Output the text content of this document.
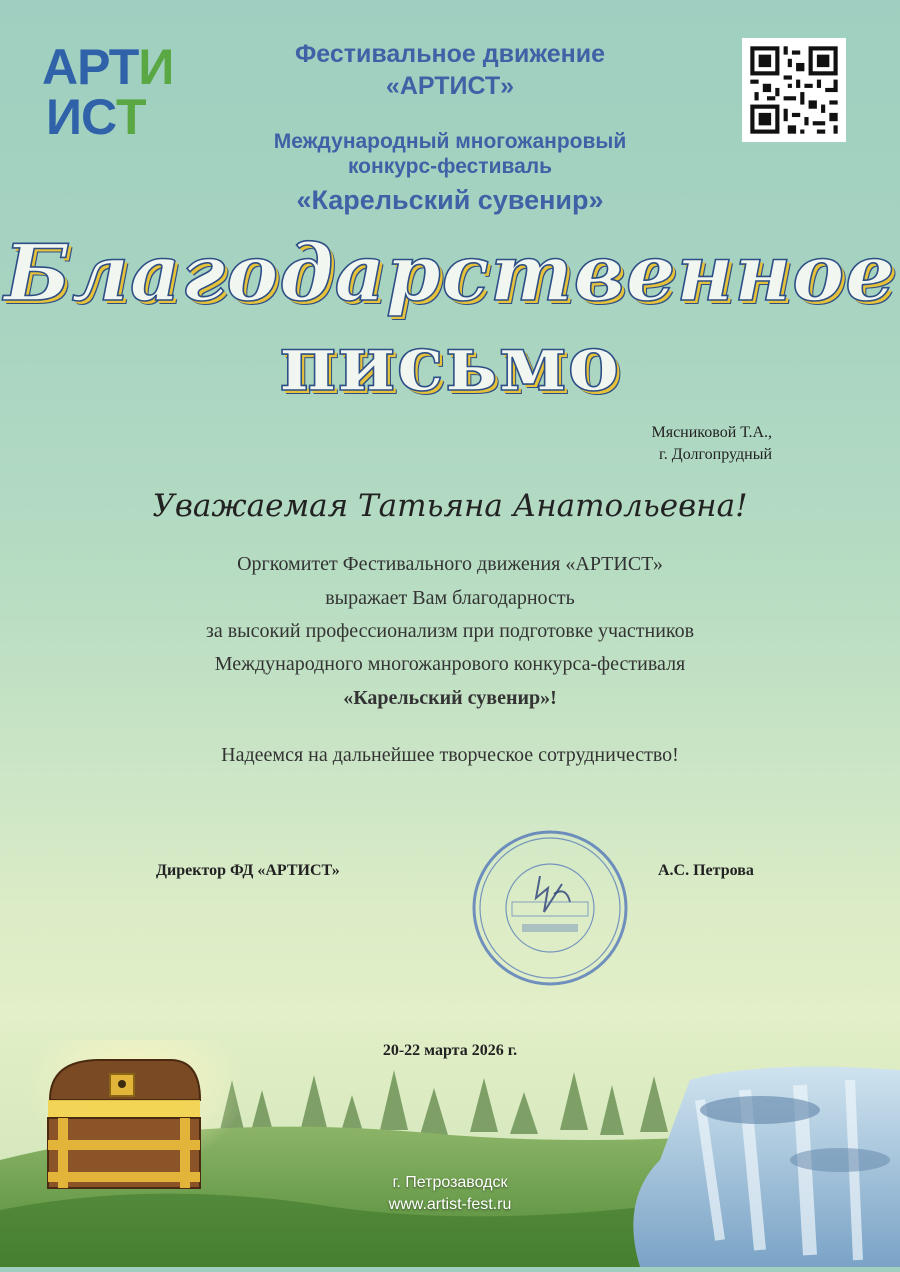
АРТИ
ИСТ
Фестивальное движение
«АРТИСТ»
Международный многожанровый
конкурс-фестиваль
«Карельский сувенир»
Благодарственное
письмо
Мясниковой Т.А.,
г. Долгопрудный
Уважаемая Татьяна Анатольевна!
Оргкомитет Фестивального движения «АРТИСТ»
выражает Вам благодарность
за высокий профессионализм при подготовке участников
Международного многожанрового конкурса-фестиваля
«Карельский сувенир»!
Надеемся на дальнейшее творческое сотрудничество!
Директор ФД «АРТИСТ»	А.С. Петрова
20-22 марта 2026 г.
г. Петрозаводск
www.artist-fest.ru
